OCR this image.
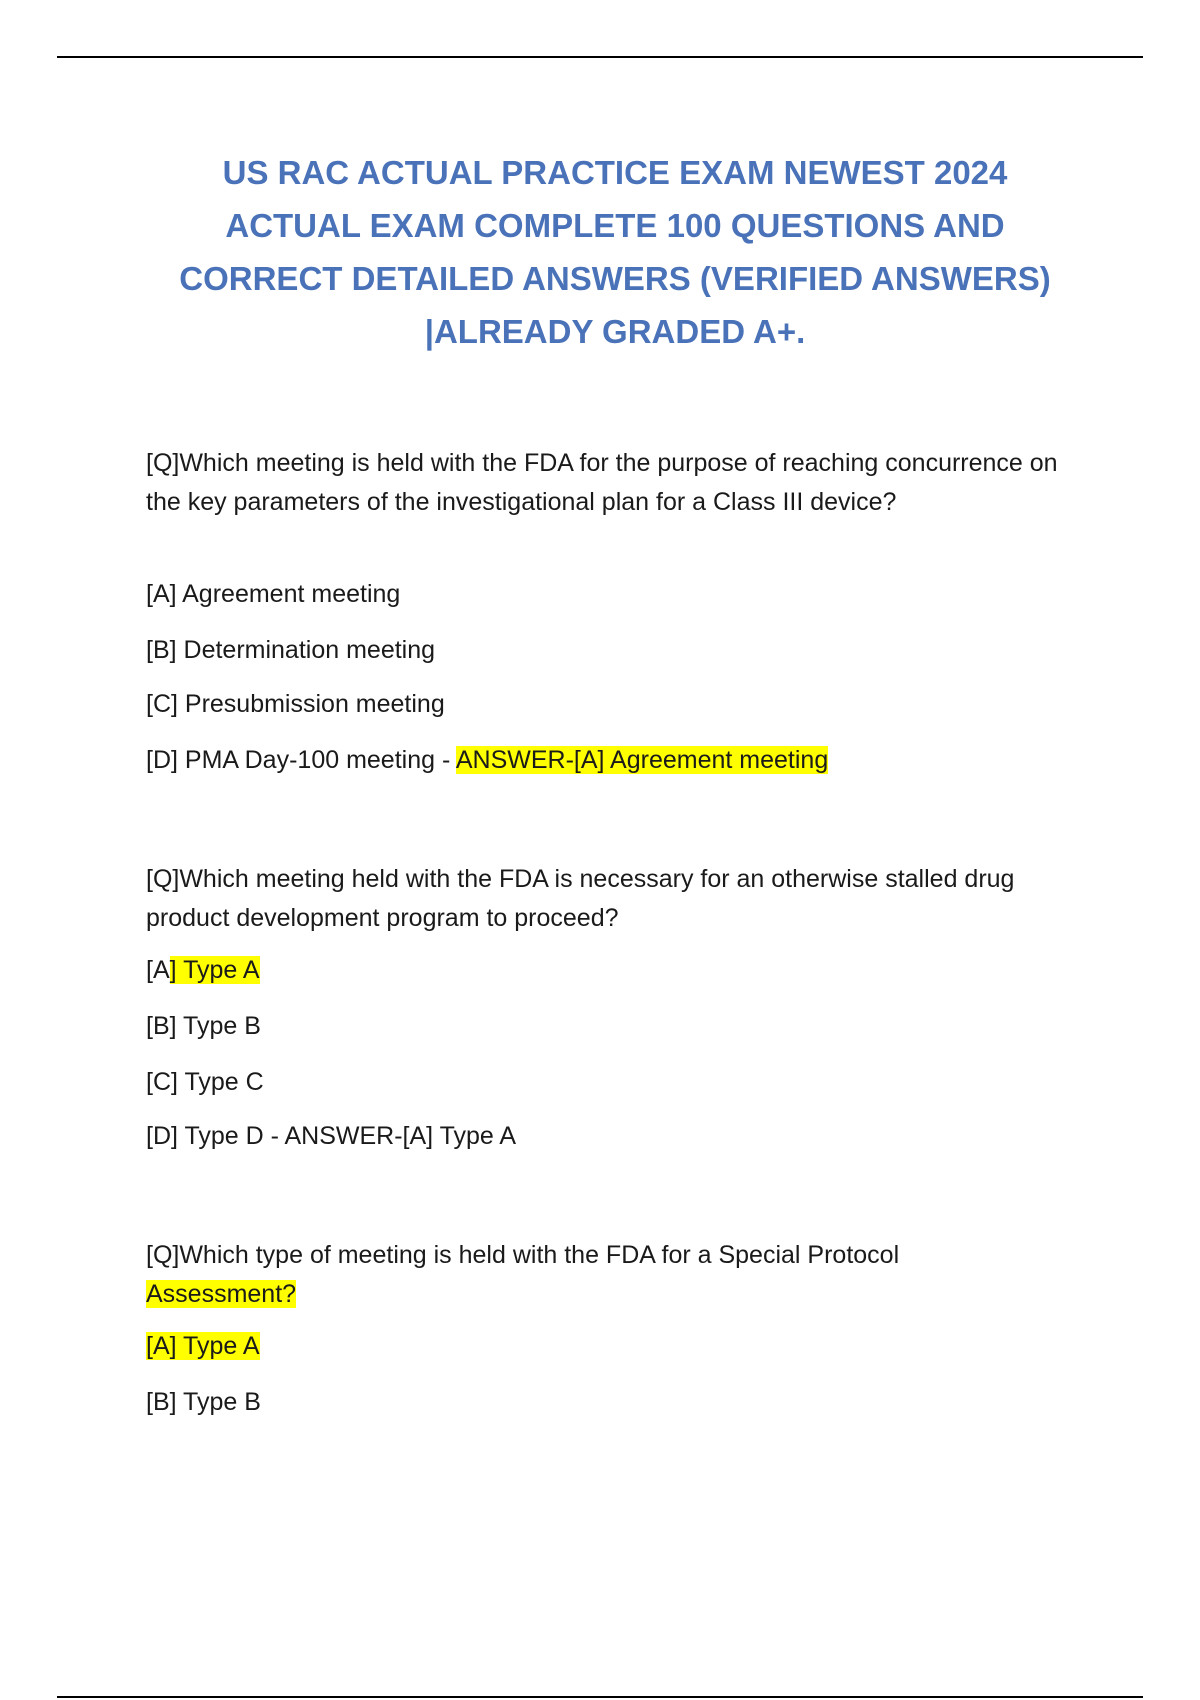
US RAC ACTUAL PRACTICE EXAM NEWEST 2024
ACTUAL EXAM COMPLETE 100 QUESTIONS AND
CORRECT DETAILED ANSWERS (VERIFIED ANSWERS)
|ALREADY GRADED A+.

[Q]Which meeting is held with the FDA for the purpose of reaching concurrence on the key parameters of the investigational plan for a Class III device?

[A] Agreement meeting
[B] Determination meeting
[C] Presubmission meeting
[D] PMA Day-100 meeting - ANSWER-[A] Agreement meeting

[Q]Which meeting held with the FDA is necessary for an otherwise stalled drug product development program to proceed?

[A] Type A
[B] Type B
[C] Type C
[D] Type D - ANSWER-[A] Type A

[Q]Which type of meeting is held with the FDA for a Special Protocol
Assessment?

[A] Type A
[B] Type B
